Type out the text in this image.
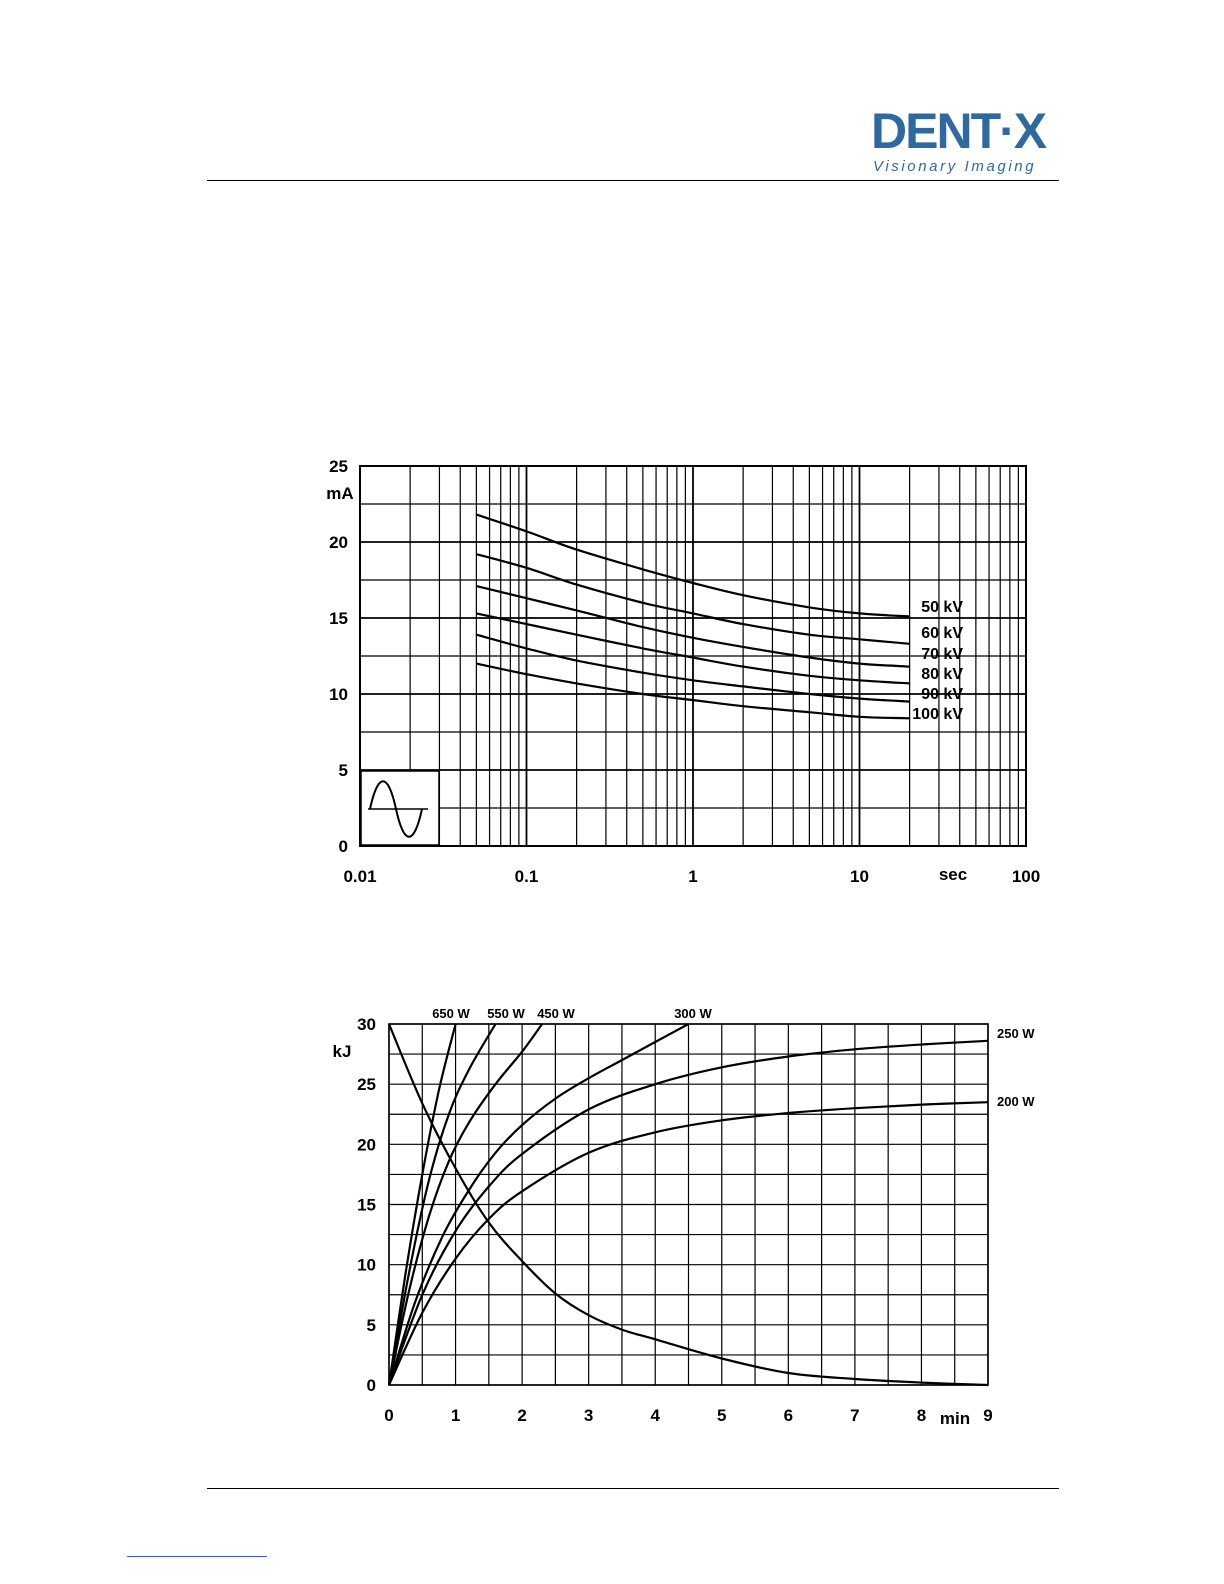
DENT·X
Visionary Imaging
0
5
10
15
20
25
0.01	0.1	1	10	100
mA
sec
50 kV
60 kV
70 kV
80 kV
90 kV
100 kV
0
5
10
15
20
25
30
0	1	2	3	4	5	6	7	8	9
kJ
min
650 W 550 W 450 W	300 W
250 W
200 W
